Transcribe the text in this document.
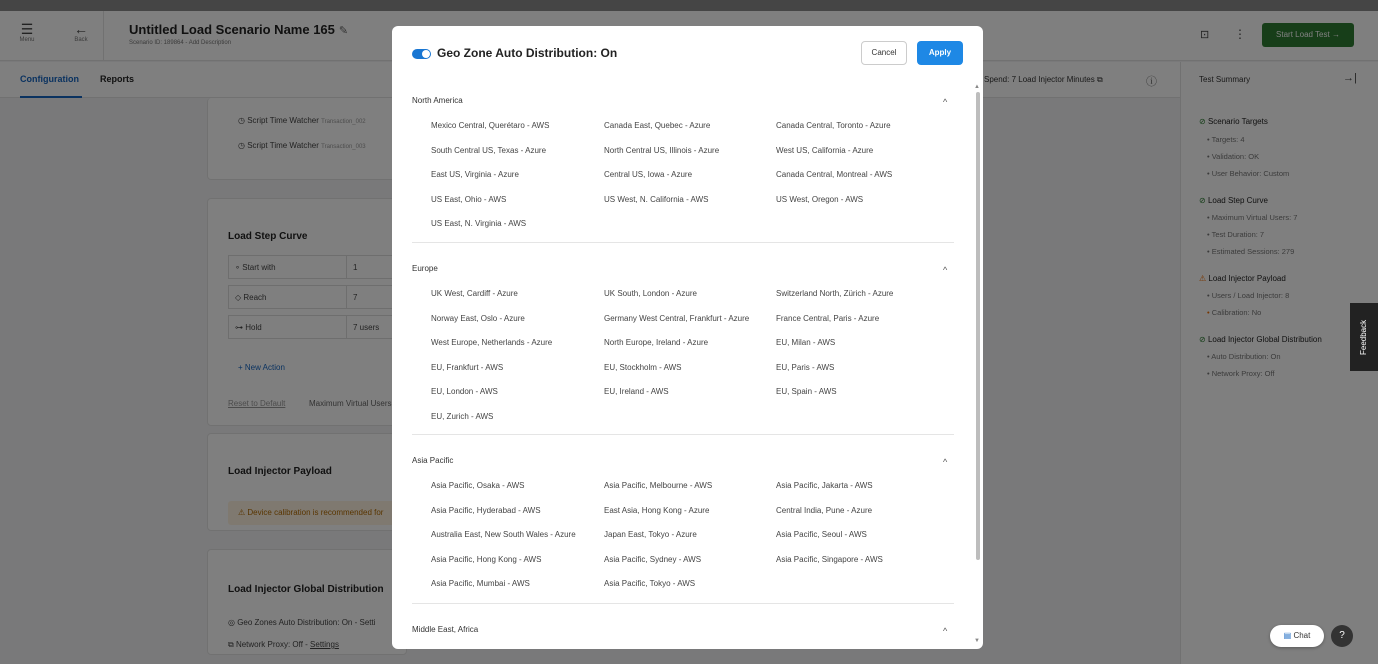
Feedback
▤ Chat	?
Geo Zone Auto Distribution: On	Cancel	Apply
North America	^
Mexico Central, Querétaro - AWS	Canada East, Quebec - Azure	Canada Central, Toronto - Azure
South Central US, Texas - Azure	North Central US, Illinois - Azure	West US, California - Azure
East US, Virginia - Azure	Central US, Iowa - Azure	Canada Central, Montreal - AWS
US East, Ohio - AWS	US West, N. California - AWS	US West, Oregon - AWS
US East, N. Virginia - AWS
Europe	^
UK West, Cardiff - Azure	UK South, London - Azure	Switzerland North, Zürich - Azure
Norway East, Oslo - Azure	Germany West Central, Frankfurt - Azure	France Central, Paris - Azure
West Europe, Netherlands - Azure	North Europe, Ireland - Azure	EU, Milan - AWS
EU, Frankfurt - AWS	EU, Stockholm - AWS	EU, Paris - AWS
EU, London - AWS	EU, Ireland - AWS	EU, Spain - AWS
EU, Zurich - AWS
Asia Pacific	^
Asia Pacific, Osaka - AWS	Asia Pacific, Melbourne - AWS	Asia Pacific, Jakarta - AWS
Asia Pacific, Hyderabad - AWS	East Asia, Hong Kong - Azure	Central India, Pune - Azure
Australia East, New South Wales - Azure	Japan East, Tokyo - Azure	Asia Pacific, Seoul - AWS
Asia Pacific, Hong Kong - AWS	Asia Pacific, Sydney - AWS	Asia Pacific, Singapore - AWS
Asia Pacific, Mumbai - AWS	Asia Pacific, Tokyo - AWS
Middle East, Africa	^
▲
▼
